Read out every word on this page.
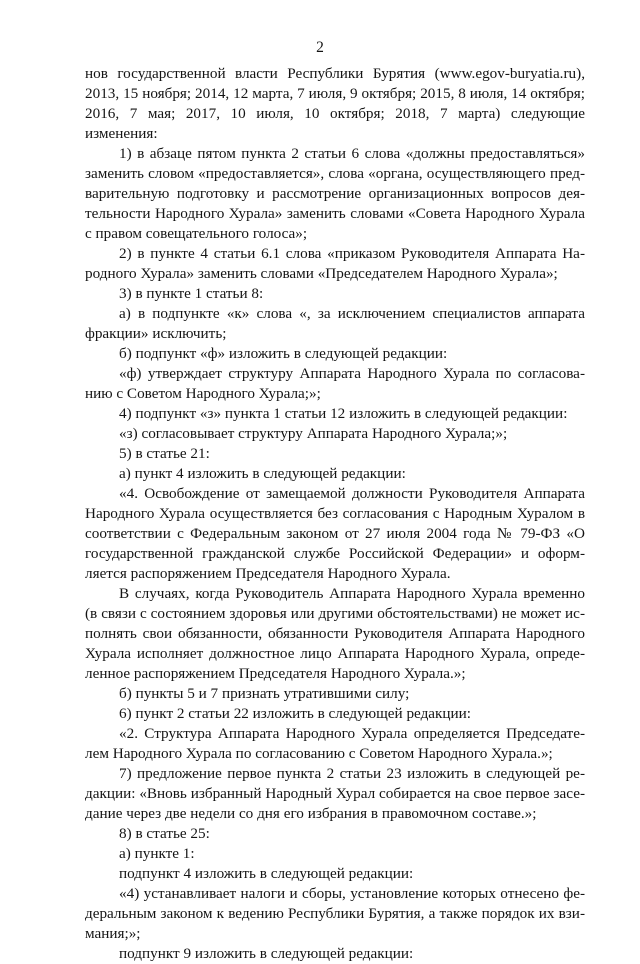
2

нов государственной власти Республики Бурятия (www.egov-buryatia.ru), 2013, 15 ноября; 2014, 12 марта, 7 июля, 9 октября; 2015, 8 июля, 14 октября; 2016, 7 мая; 2017, 10 июля, 10 октября; 2018, 7 марта) следующие изменения:

1) в абзаце пятом пункта 2 статьи 6 слова «должны предоставляться» заменить словом «предоставляется», слова «органа, осуществляющего предварительную подготовку и рассмотрение организационных вопросов деятельности Народного Хурала» заменить словами «Совета Народного Хурала с правом совещательного голоса»;

2) в пункте 4 статьи 6.1 слова «приказом Руководителя Аппарата Народного Хурала» заменить словами «Председателем Народного Хурала»;

3) в пункте 1 статьи 8:

а) в подпункте «к» слова «, за исключением специалистов аппарата фракции» исключить;

б) подпункт «ф» изложить в следующей редакции:

«ф) утверждает структуру Аппарата Народного Хурала по согласованию с Советом Народного Хурала;»;

4) подпункт «з» пункта 1 статьи 12 изложить в следующей редакции:

«з) согласовывает структуру Аппарата Народного Хурала;»;

5) в статье 21:

а) пункт 4 изложить в следующей редакции:

«4. Освобождение от замещаемой должности Руководителя Аппарата Народного Хурала осуществляется без согласования с Народным Хуралом в соответствии с Федеральным законом от 27 июля 2004 года № 79-ФЗ «О государственной гражданской службе Российской Федерации» и оформляется распоряжением Председателя Народного Хурала.

В случаях, когда Руководитель Аппарата Народного Хурала временно (в связи с состоянием здоровья или другими обстоятельствами) не может исполнять свои обязанности, обязанности Руководителя Аппарата Народного Хурала исполняет должностное лицо Аппарата Народного Хурала, определенное распоряжением Председателя Народного Хурала.»;

б) пункты 5 и 7 признать утратившими силу;

6) пункт 2 статьи 22 изложить в следующей редакции:

«2. Структура Аппарата Народного Хурала определяется Председателем Народного Хурала по согласованию с Советом Народного Хурала.»;

7) предложение первое пункта 2 статьи 23 изложить в следующей редакции: «Вновь избранный Народный Хурал собирается на свое первое заседание через две недели со дня его избрания в правомочном составе.»;

8) в статье 25:

а) пункте 1:

подпункт 4 изложить в следующей редакции:

«4) устанавливает налоги и сборы, установление которых отнесено федеральным законом к ведению Республики Бурятия, а также порядок их взимания;»;

подпункт 9 изложить в следующей редакции:
